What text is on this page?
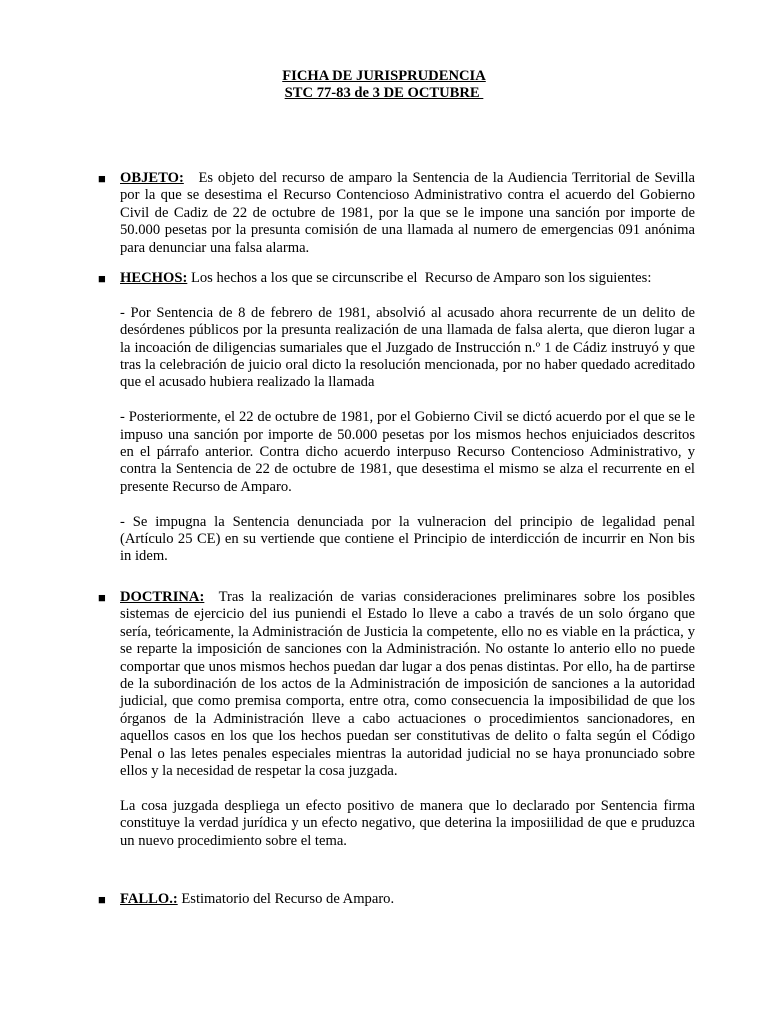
FICHA DE JURISPRUDENCIA
STC 77-83 de 3 DE OCTUBRE
■ OBJETO:   Es objeto del recurso de amparo la Sentencia de la Audiencia Territorial de Sevilla por la que se desestima el Recurso Contencioso Administrativo contra el acuerdo del Gobierno Civil de Cadiz de 22 de octubre de 1981, por la que se le impone una sanción por importe de 50.000 pesetas por la presunta comisión de una llamada al numero de emergencias 091 anónima para denunciar una falsa alarma.

■ HECHOS: Los hechos a los que se circunscribe el  Recurso de Amparo son los siguientes:

- Por Sentencia de 8 de febrero de 1981, absolvió al acusado ahora recurrente de un delito de desórdenes públicos por la presunta realización de una llamada de falsa alerta, que dieron lugar a la incoación de diligencias sumariales que el Juzgado de Instrucción n.º 1 de Cádiz instruyó y que tras la celebración de juicio oral dicto la resolución mencionada, por no haber quedado acreditado que el acusado hubiera realizado la llamada

- Posteriormente, el 22 de octubre de 1981, por el Gobierno Civil se dictó acuerdo por el que se le impuso una sanción por importe de 50.000 pesetas por los mismos hechos enjuiciados descritos en el párrafo anterior. Contra dicho acuerdo interpuso Recurso Contencioso Administrativo, y contra la Sentencia de 22 de octubre de 1981, que desestima el mismo se alza el recurrente en el presente Recurso de Amparo.

- Se impugna la Sentencia denunciada por la vulneracion del principio de legalidad penal (Artículo 25 CE) en su vertiende que contiene el Principio de interdicción de incurrir en Non bis in idem.

■ DOCTRINA:  Tras la realización de varias consideraciones preliminares sobre los posibles sistemas de ejercicio del ius puniendi el Estado lo lleve a cabo a través de un solo órgano que sería, teóricamente, la Administración de Justicia la competente, ello no es viable en la práctica, y se reparte la imposición de sanciones con la Administración. No ostante lo anterio ello no puede comportar que unos mismos hechos puedan dar lugar a dos penas distintas. Por ello, ha de partirse de la subordinación de los actos de la Administración de imposición de sanciones a la autoridad judicial, que como premisa comporta, entre otra, como consecuencia la imposibilidad de que los órganos de la Administración lleve a cabo actuaciones o procedimientos sancionadores, en aquellos casos en los que los hechos puedan ser constitutivas de delito o falta según el Código Penal o las letes penales especiales mientras la autoridad judicial no se haya pronunciado sobre ellos y la necesidad de respetar la cosa juzgada.

La cosa juzgada despliega un efecto positivo de manera que lo declarado por Sentencia firma constituye la verdad jurídica y un efecto negativo, que deterina la imposiilidad de que e pruduzca un nuevo procedimiento sobre el tema.

■ FALLO.: Estimatorio del Recurso de Amparo.
